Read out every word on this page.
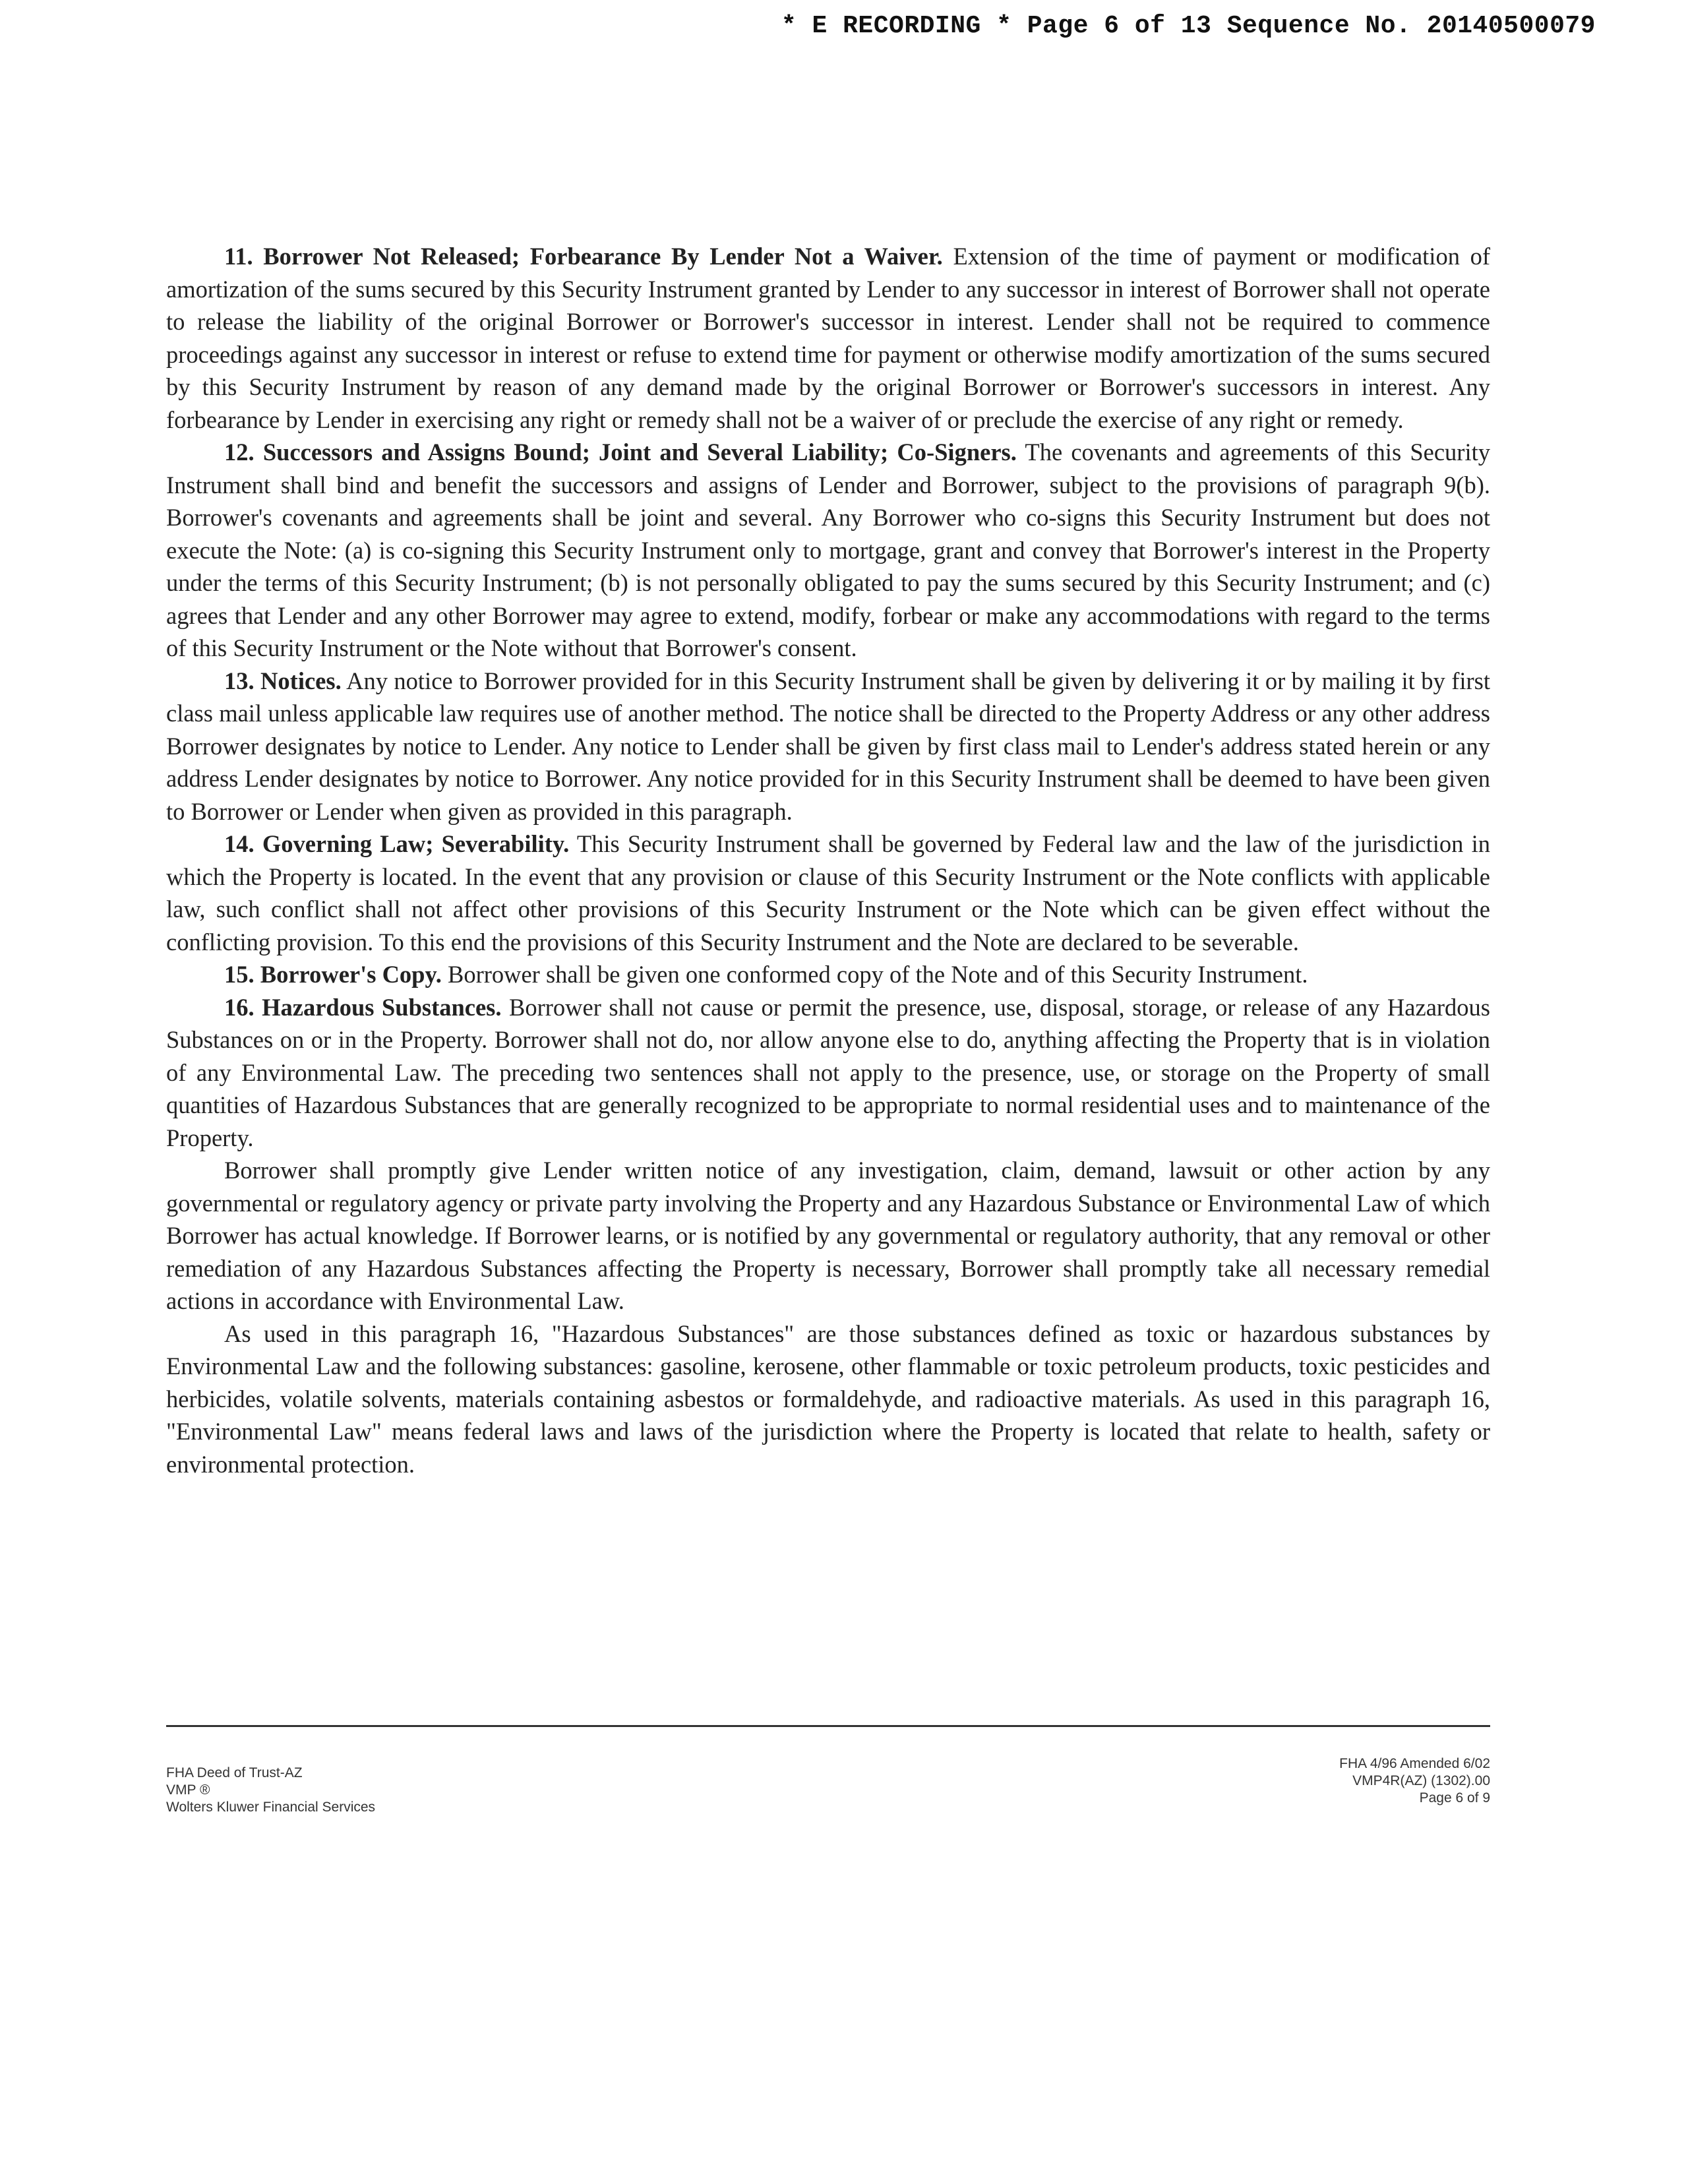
* E RECORDING * Page 6 of 13 Sequence No. 20140500079

11. Borrower Not Released; Forbearance By Lender Not a Waiver. Extension of the time of payment or modification of amortization of the sums secured by this Security Instrument granted by Lender to any successor in interest of Borrower shall not operate to release the liability of the original Borrower or Borrower's successor in interest. Lender shall not be required to commence proceedings against any successor in interest or refuse to extend time for payment or otherwise modify amortization of the sums secured by this Security Instrument by reason of any demand made by the original Borrower or Borrower's successors in interest. Any forbearance by Lender in exercising any right or remedy shall not be a waiver of or preclude the exercise of any right or remedy.

12. Successors and Assigns Bound; Joint and Several Liability; Co-Signers. The covenants and agreements of this Security Instrument shall bind and benefit the successors and assigns of Lender and Borrower, subject to the provisions of paragraph 9(b). Borrower's covenants and agreements shall be joint and several. Any Borrower who co-signs this Security Instrument but does not execute the Note: (a) is co-signing this Security Instrument only to mortgage, grant and convey that Borrower's interest in the Property under the terms of this Security Instrument; (b) is not personally obligated to pay the sums secured by this Security Instrument; and (c) agrees that Lender and any other Borrower may agree to extend, modify, forbear or make any accommodations with regard to the terms of this Security Instrument or the Note without that Borrower's consent.

13. Notices. Any notice to Borrower provided for in this Security Instrument shall be given by delivering it or by mailing it by first class mail unless applicable law requires use of another method. The notice shall be directed to the Property Address or any other address Borrower designates by notice to Lender. Any notice to Lender shall be given by first class mail to Lender's address stated herein or any address Lender designates by notice to Borrower. Any notice provided for in this Security Instrument shall be deemed to have been given to Borrower or Lender when given as provided in this paragraph.

14. Governing Law; Severability. This Security Instrument shall be governed by Federal law and the law of the jurisdiction in which the Property is located. In the event that any provision or clause of this Security Instrument or the Note conflicts with applicable law, such conflict shall not affect other provisions of this Security Instrument or the Note which can be given effect without the conflicting provision. To this end the provisions of this Security Instrument and the Note are declared to be severable.

15. Borrower's Copy. Borrower shall be given one conformed copy of the Note and of this Security Instrument.

16. Hazardous Substances. Borrower shall not cause or permit the presence, use, disposal, storage, or release of any Hazardous Substances on or in the Property. Borrower shall not do, nor allow anyone else to do, anything affecting the Property that is in violation of any Environmental Law. The preceding two sentences shall not apply to the presence, use, or storage on the Property of small quantities of Hazardous Substances that are generally recognized to be appropriate to normal residential uses and to maintenance of the Property.

Borrower shall promptly give Lender written notice of any investigation, claim, demand, lawsuit or other action by any governmental or regulatory agency or private party involving the Property and any Hazardous Substance or Environmental Law of which Borrower has actual knowledge. If Borrower learns, or is notified by any governmental or regulatory authority, that any removal or other remediation of any Hazardous Substances affecting the Property is necessary, Borrower shall promptly take all necessary remedial actions in accordance with Environmental Law.

As used in this paragraph 16, "Hazardous Substances" are those substances defined as toxic or hazardous substances by Environmental Law and the following substances: gasoline, kerosene, other flammable or toxic petroleum products, toxic pesticides and herbicides, volatile solvents, materials containing asbestos or formaldehyde, and radioactive materials. As used in this paragraph 16, "Environmental Law" means federal laws and laws of the jurisdiction where the Property is located that relate to health, safety or environmental protection.

FHA Deed of Trust-AZ
VMP ®
Wolters Kluwer Financial Services
FHA 4/96 Amended 6/02
VMP4R(AZ) (1302).00
Page 6 of 9
